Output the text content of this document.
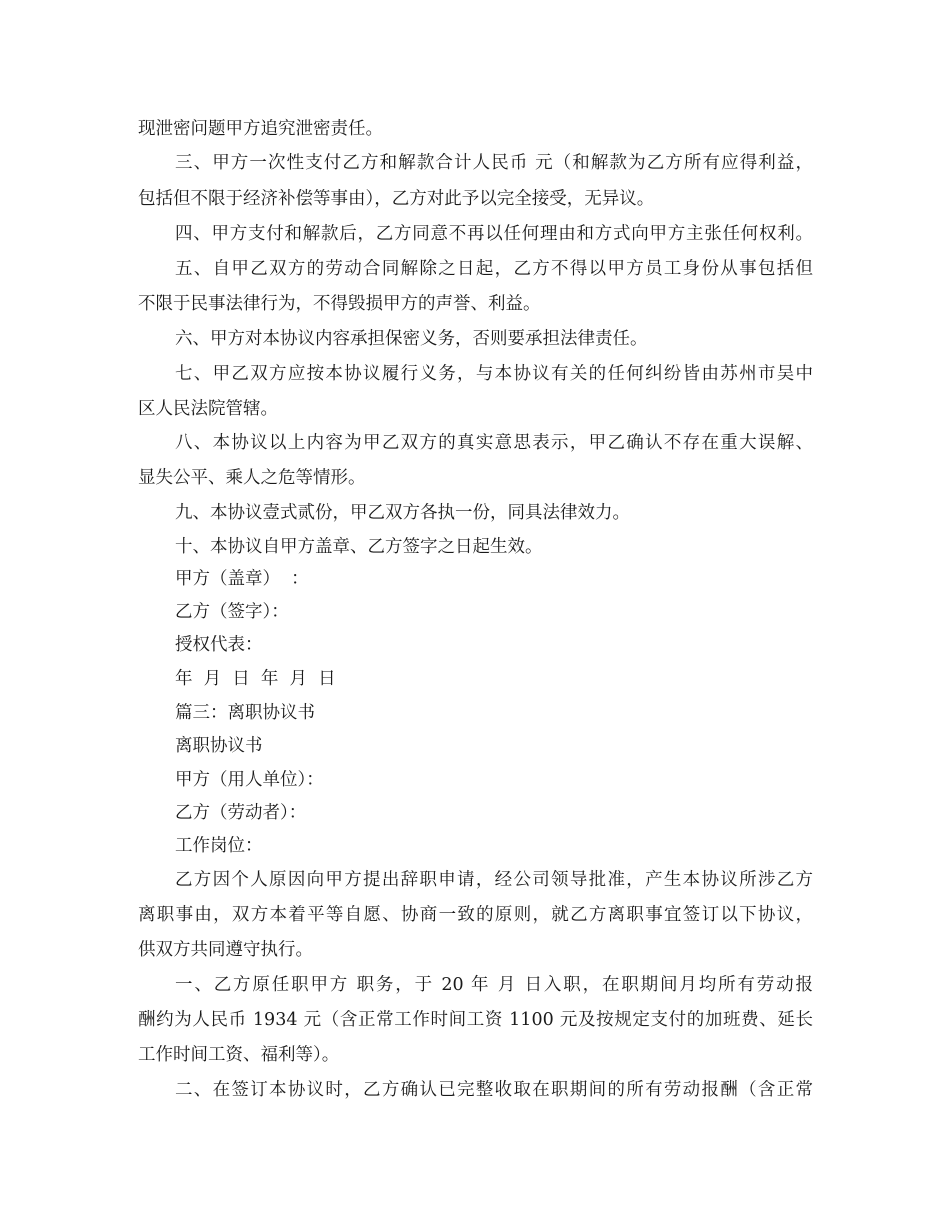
现泄密问题甲方追究泄密责任。
三、甲方一次性支付乙方和解款合计人民币 元（和解款为乙方所有应得利益，
包括但不限于经济补偿等事由），乙方对此予以完全接受，无异议。
四、甲方支付和解款后，乙方同意不再以任何理由和方式向甲方主张任何权利。
五、自甲乙双方的劳动合同解除之日起，乙方不得以甲方员工身份从事包括但
不限于民事法律行为，不得毁损甲方的声誉、利益。
六、甲方对本协议内容承担保密义务，否则要承担法律责任。
七、甲乙双方应按本协议履行义务，与本协议有关的任何纠纷皆由苏州市吴中
区人民法院管辖。
八、本协议以上内容为甲乙双方的真实意思表示，甲乙确认不存在重大误解、
显失公平、乘人之危等情形。
九、本协议壹式贰份，甲乙双方各执一份，同具法律效力。
十、本协议自甲方盖章、乙方签字之日起生效。
甲方（盖章）  ：
乙方（签字）：
授权代表：
年  月  日  年  月  日
篇三：离职协议书
离职协议书
甲方（用人单位）：
乙方（劳动者）：
工作岗位：
乙方因个人原因向甲方提出辞职申请，经公司领导批准，产生本协议所涉乙方
离职事由，双方本着平等自愿、协商一致的原则，就乙方离职事宜签订以下协议，
供双方共同遵守执行。
一、乙方原任职甲方 职务，于 20 年 月 日入职，在职期间月均所有劳动报
酬约为人民币 1934 元（含正常工作时间工资 1100 元及按规定支付的加班费、延长
工作时间工资、福利等）。
二、在签订本协议时，乙方确认已完整收取在职期间的所有劳动报酬（含正常
